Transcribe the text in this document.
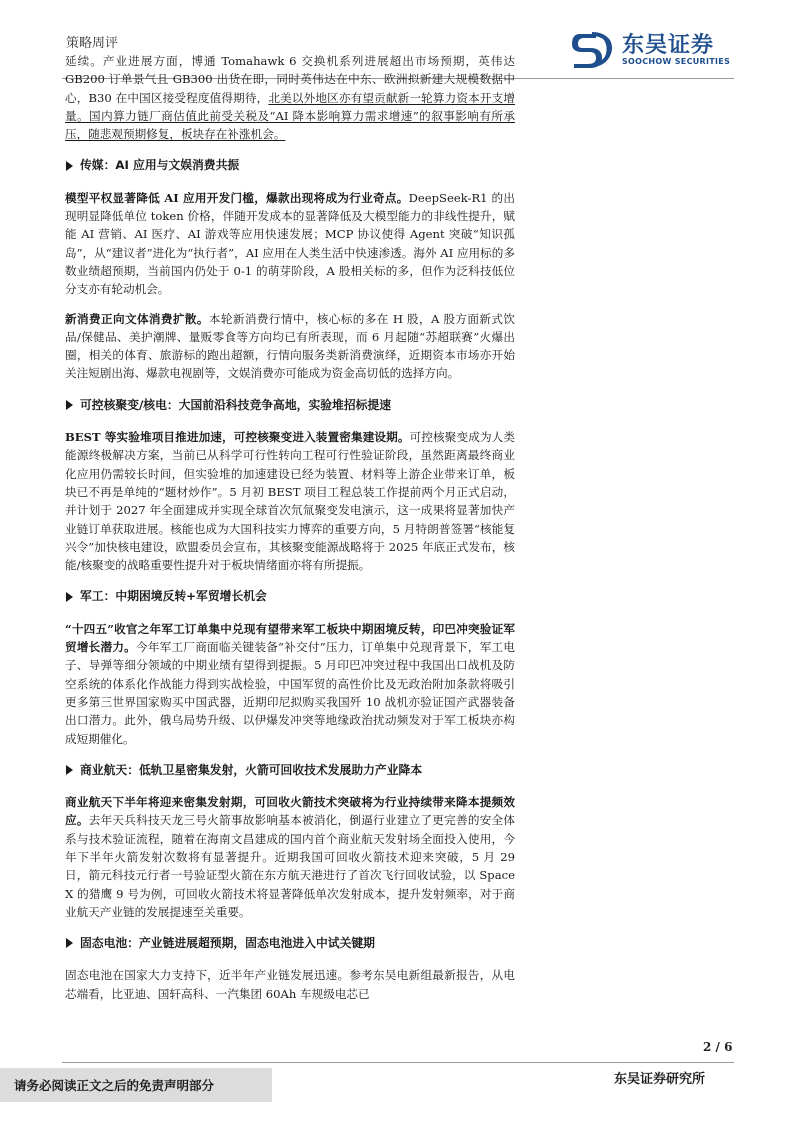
策略周评	东吴证券
SOOCHOW SECURITIES

延续。产业进展方面，博通 Tomahawk 6 交换机系列进展超出市场预期，英伟达 GB200 订单景气且 GB300 出货在即，同时英伟达在中东、欧洲拟新建大规模数据中心，B30 在中国区接受程度值得期待，北美以外地区亦有望贡献新一轮算力资本开支增量。国内算力链厂商估值此前受关税及“AI 降本影响算力需求增速”的叙事影响有所承压，随悲观预期修复，板块存在补涨机会。

传媒：AI 应用与文娱消费共振

模型平权显著降低 AI 应用开发门槛，爆款出现将成为行业奇点。DeepSeek-R1 的出现明显降低单位 token 价格，伴随开发成本的显著降低及大模型能力的非线性提升，赋能 AI 营销、AI 医疗、AI 游戏等应用快速发展；MCP 协议使得 Agent 突破“知识孤岛”，从“建议者”进化为“执行者”，AI 应用在人类生活中快速渗透。海外 AI 应用标的多数业绩超预期，当前国内仍处于 0-1 的萌芽阶段，A 股相关标的多，但作为泛科技低位分支亦有轮动机会。

新消费正向文体消费扩散。本轮新消费行情中，核心标的多在 H 股，A 股方面新式饮品/保健品、美护潮牌、量贩零食等方向均已有所表现，而 6 月起随“苏超联赛”火爆出圈，相关的体育、旅游标的跑出超额，行情向服务类新消费演绎，近期资本市场亦开始关注短剧出海、爆款电视剧等，文娱消费亦可能成为资金高切低的选择方向。

可控核聚变/核电：大国前沿科技竞争高地，实验堆招标提速

BEST 等实验堆项目推进加速，可控核聚变进入装置密集建设期。可控核聚变成为人类能源终极解决方案，当前已从科学可行性转向工程可行性验证阶段，虽然距离最终商业化应用仍需较长时间，但实验堆的加速建设已经为装置、材料等上游企业带来订单，板块已不再是单纯的“题材炒作”。5 月初 BEST 项目工程总装工作提前两个月正式启动，并计划于 2027 年全面建成并实现全球首次氘氚聚变发电演示，这一成果将显著加快产业链订单获取进展。核能也成为大国科技实力博弈的重要方向，5 月特朗普签署“核能复兴令”加快核电建设，欧盟委员会宣布，其核聚变能源战略将于 2025 年底正式发布，核能/核聚变的战略重要性提升对于板块情绪面亦将有所提振。

军工：中期困境反转+军贸增长机会

“十四五”收官之年军工订单集中兑现有望带来军工板块中期困境反转，印巴冲突验证军贸增长潜力。今年军工厂商面临关键装备“补交付”压力，订单集中兑现背景下，军工电子、导弹等细分领域的中期业绩有望得到提振。5 月印巴冲突过程中我国出口战机及防空系统的体系化作战能力得到实战检验，中国军贸的高性价比及无政治附加条款将吸引更多第三世界国家购买中国武器，近期印尼拟购买我国歼 10 战机亦验证国产武器装备出口潜力。此外，俄乌局势升级、以伊爆发冲突等地缘政治扰动频发对于军工板块亦构成短期催化。

商业航天：低轨卫星密集发射，火箭可回收技术发展助力产业降本

商业航天下半年将迎来密集发射期，可回收火箭技术突破将为行业持续带来降本提频效应。去年天兵科技天龙三号火箭事故影响基本被消化，倒逼行业建立了更完善的安全体系与技术验证流程，随着在海南文昌建成的国内首个商业航天发射场全面投入使用，今年下半年火箭发射次数将有显著提升。近期我国可回收火箭技术迎来突破，5 月 29 日，箭元科技元行者一号验证型火箭在东方航天港进行了首次飞行回收试验，以 Space X 的猎鹰 9 号为例，可回收火箭技术将显著降低单次发射成本，提升发射频率，对于商业航天产业链的发展提速至关重要。

固态电池：产业链进展超预期，固态电池进入中试关键期

固态电池在国家大力支持下，近半年产业链发展迅速。参考东吴电新组最新报告，从电芯端看，比亚迪、国轩高科、一汽集团 60Ah 车规级电芯已

2 / 6
请务必阅读正文之后的免责声明部分	东吴证券研究所
